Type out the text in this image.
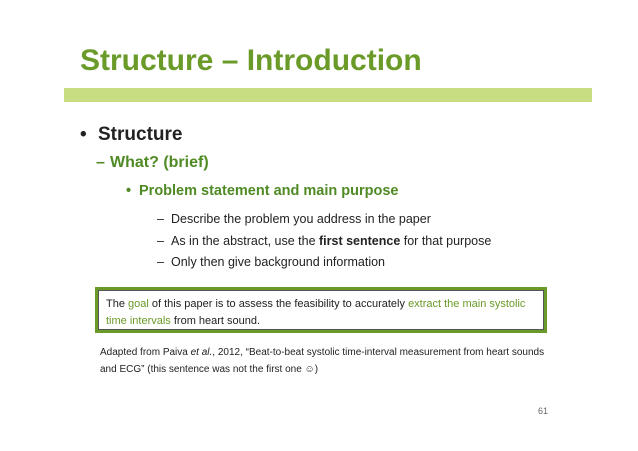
Structure – Introduction
• Structure
– What? (brief)
• Problem statement and main purpose
– Describe the problem you address in the paper
– As in the abstract, use the first sentence for that purpose
– Only then give background information
The goal of this paper is to assess the feasibility to accurately extract the main systolic time intervals from heart sound.
Adapted from Paiva et al., 2012, “Beat-to-beat systolic time-interval measurement from heart sounds and ECG” (this sentence was not the first one ☺)
61
